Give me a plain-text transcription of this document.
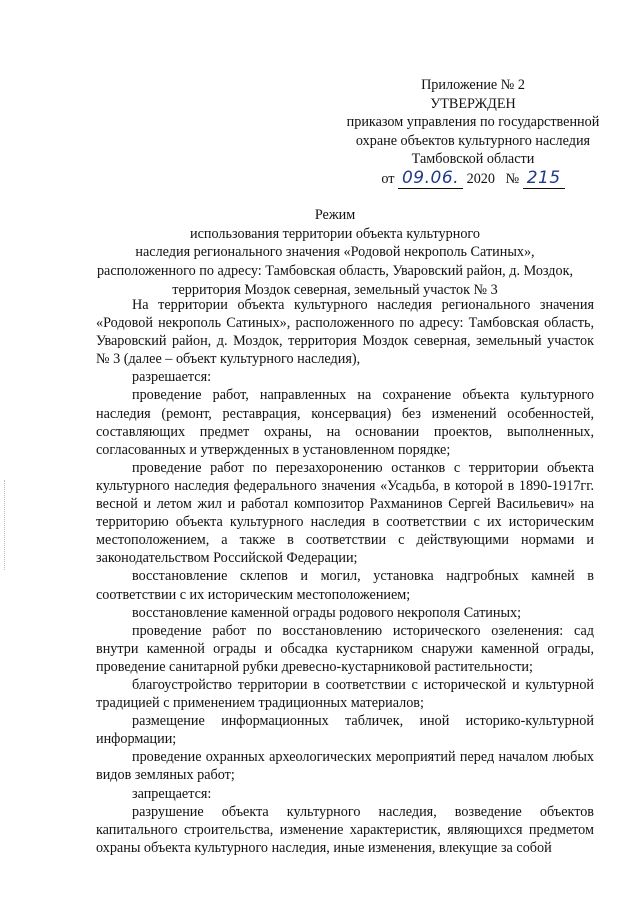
Приложение № 2
УТВЕРЖДЕН
приказом управления по государственной
охране объектов культурного наследия
Тамбовской области
от 09.06. 2020 № 215
Режим
использования территории объекта культурного
наследия регионального значения «Родовой некрополь Сатиных»,
расположенного по адресу: Тамбовская область, Уваровский район, д. Моздок,
территория Моздок северная, земельный участок № 3

На территории объекта культурного наследия регионального значения «Родовой некрополь Сатиных», расположенного по адресу: Тамбовская область, Уваровский район, д. Моздок, территория Моздок северная, земельный участок № 3 (далее – объект культурного наследия),

разрешается:

проведение работ, направленных на сохранение объекта культурного наследия (ремонт, реставрация, консервация) без изменений особенностей, составляющих предмет охраны, на основании проектов, выполненных, согласованных и утвержденных в установленном порядке;

проведение работ по перезахоронению останков с территории объекта культурного наследия федерального значения «Усадьба, в которой в 1890-1917гг. весной и летом жил и работал композитор Рахманинов Сергей Васильевич» на территорию объекта культурного наследия в соответствии с их историческим местоположением, а также в соответствии с действующими нормами и законодательством Российской Федерации;

восстановление склепов и могил, установка надгробных камней в соответствии с их историческим местоположением;

восстановление каменной ограды родового некрополя Сатиных;

проведение работ по восстановлению исторического озеленения: сад внутри каменной ограды и обсадка кустарником снаружи каменной ограды, проведение санитарной рубки древесно-кустарниковой растительности;

благоустройство территории в соответствии с исторической и культурной традицией с применением традиционных материалов;

размещение информационных табличек, иной историко-культурной информации;

проведение охранных археологических мероприятий перед началом любых видов земляных работ;

запрещается:

разрушение объекта культурного наследия, возведение объектов капитального строительства, изменение характеристик, являющихся предметом охраны объекта культурного наследия, иные изменения, влекущие за собой
